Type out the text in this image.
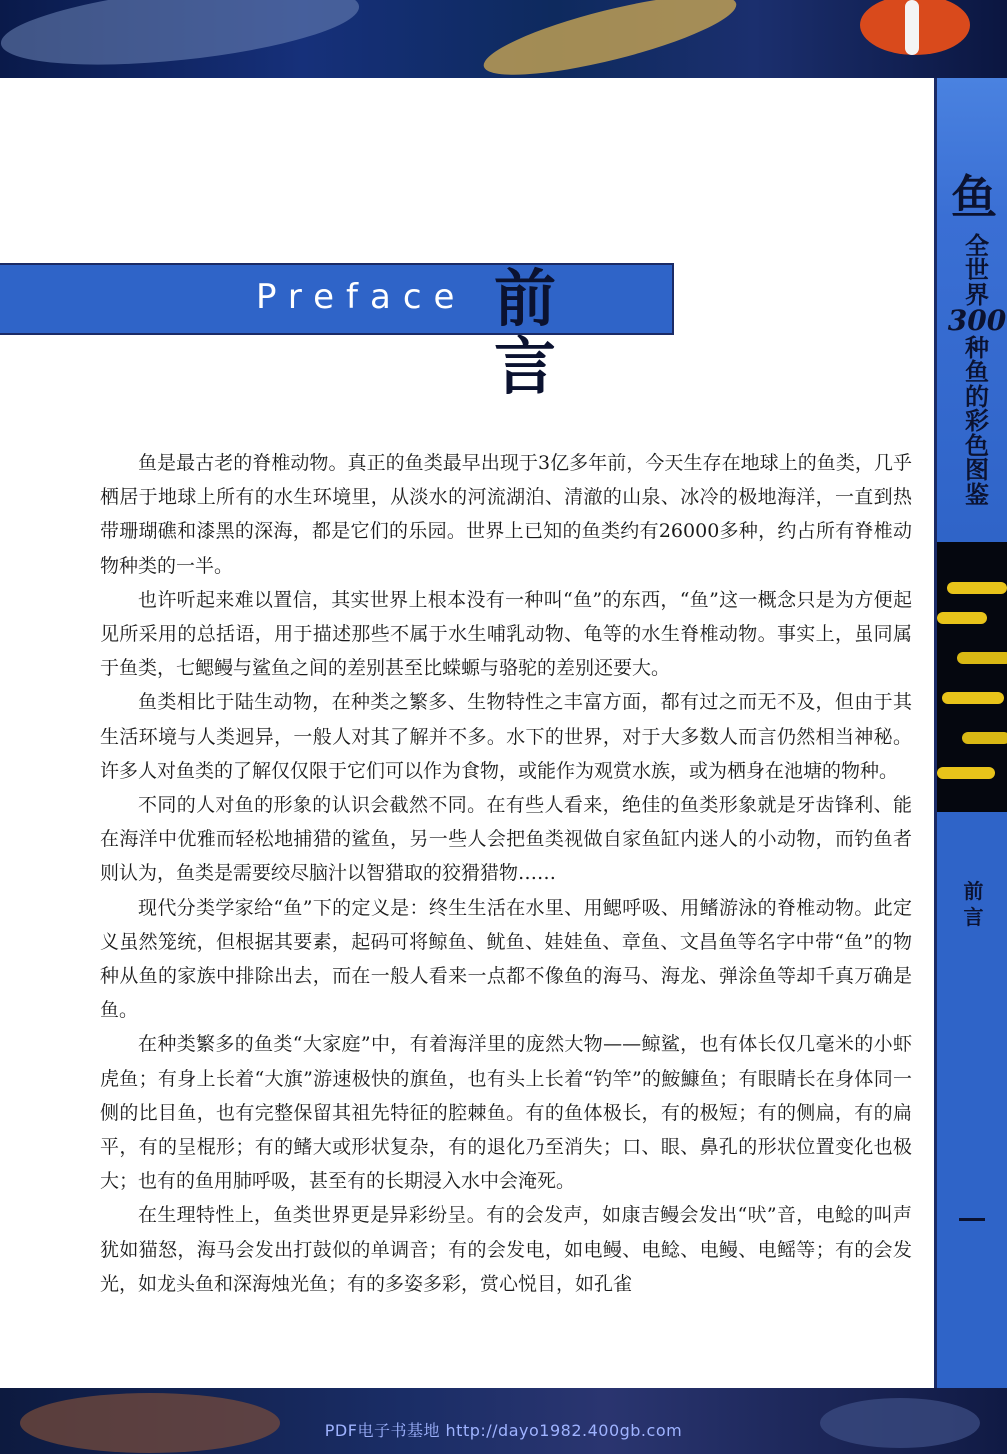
鱼
全世界
300
种鱼的彩色图鉴
前言
Preface 前言

鱼是最古老的脊椎动物。真正的鱼类最早出现于3亿多年前，今天生存在地球上的鱼类，几乎栖居于地球上所有的水生环境里，从淡水的河流湖泊、清澈的山泉、冰冷的极地海洋，一直到热带珊瑚礁和漆黑的深海，都是它们的乐园。世界上已知的鱼类约有26000多种，约占所有脊椎动物种类的一半。

也许听起来难以置信，其实世界上根本没有一种叫“鱼”的东西，“鱼”这一概念只是为方便起见所采用的总括语，用于描述那些不属于水生哺乳动物、龟等的水生脊椎动物。事实上，虽同属于鱼类，七鳃鳗与鲨鱼之间的差别甚至比蝾螈与骆驼的差别还要大。

鱼类相比于陆生动物，在种类之繁多、生物特性之丰富方面，都有过之而无不及，但由于其生活环境与人类迥异，一般人对其了解并不多。水下的世界，对于大多数人而言仍然相当神秘。许多人对鱼类的了解仅仅限于它们可以作为食物，或能作为观赏水族，或为栖身在池塘的物种。

不同的人对鱼的形象的认识会截然不同。在有些人看来，绝佳的鱼类形象就是牙齿锋利、能在海洋中优雅而轻松地捕猎的鲨鱼，另一些人会把鱼类视做自家鱼缸内迷人的小动物，而钓鱼者则认为，鱼类是需要绞尽脑汁以智猎取的狡猾猎物……

现代分类学家给“鱼”下的定义是：终生生活在水里、用鳃呼吸、用鳍游泳的脊椎动物。此定义虽然笼统，但根据其要素，起码可将鲸鱼、鱿鱼、娃娃鱼、章鱼、文昌鱼等名字中带“鱼”的物种从鱼的家族中排除出去，而在一般人看来一点都不像鱼的海马、海龙、弹涂鱼等却千真万确是鱼。

在种类繁多的鱼类“大家庭”中，有着海洋里的庞然大物——鲸鲨，也有体长仅几毫米的小虾虎鱼；有身上长着“大旗”游速极快的旗鱼，也有头上长着“钓竿”的鮟鱇鱼；有眼睛长在身体同一侧的比目鱼，也有完整保留其祖先特征的腔棘鱼。有的鱼体极长，有的极短；有的侧扁，有的扁平，有的呈棍形；有的鳍大或形状复杂，有的退化乃至消失；口、眼、鼻孔的形状位置变化也极大；也有的鱼用肺呼吸，甚至有的长期浸入水中会淹死。

在生理特性上，鱼类世界更是异彩纷呈。有的会发声，如康吉鳗会发出“吠”音，电鲶的叫声犹如猫怒，海马会发出打鼓似的单调音；有的会发电，如电鳗、电鲶、电鳗、电鳐等；有的会发光，如龙头鱼和深海烛光鱼；有的多姿多彩，赏心悦目，如孔雀

PDF电子书基地 http://dayo1982.400gb.com
